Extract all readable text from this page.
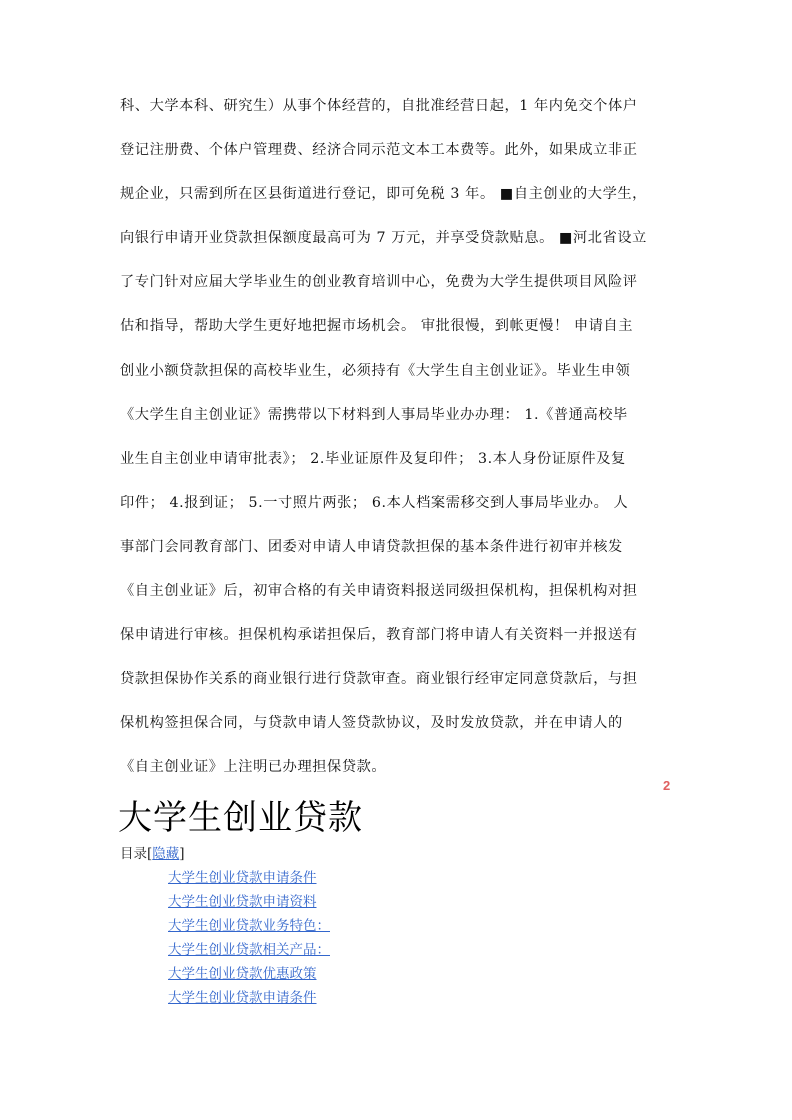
科、大学本科、研究生）从事个体经营的，自批准经营日起，1 年内免交个体户
登记注册费、个体户管理费、经济合同示范文本工本费等。此外，如果成立非正
规企业，只需到所在区县街道进行登记，即可免税 3 年。 ■自主创业的大学生，
向银行申请开业贷款担保额度最高可为 7 万元，并享受贷款贴息。 ■河北省设立
了专门针对应届大学毕业生的创业教育培训中心，免费为大学生提供项目风险评
估和指导，帮助大学生更好地把握市场机会。 审批很慢，到帐更慢！ 申请自主
创业小额贷款担保的高校毕业生，必须持有《大学生自主创业证》。毕业生申领
《大学生自主创业证》需携带以下材料到人事局毕业办办理： 1.《普通高校毕
业生自主创业申请审批表》； 2.毕业证原件及复印件； 3.本人身份证原件及复
印件； 4.报到证； 5.一寸照片两张； 6.本人档案需移交到人事局毕业办。 人
事部门会同教育部门、团委对申请人申请贷款担保的基本条件进行初审并核发
《自主创业证》后，初审合格的有关申请资料报送同级担保机构，担保机构对担
保申请进行审核。担保机构承诺担保后，教育部门将申请人有关资料一并报送有
贷款担保协作关系的商业银行进行贷款审查。商业银行经审定同意贷款后，与担
保机构签担保合同，与贷款申请人签贷款协议，及时发放贷款，并在申请人的
《自主创业证》上注明已办理担保贷款。
2
大学生创业贷款
目录[隐藏]
大学生创业贷款申请条件
大学生创业贷款申请资料
大学生创业贷款业务特色：
大学生创业贷款相关产品：
大学生创业贷款优惠政策
大学生创业贷款申请条件
